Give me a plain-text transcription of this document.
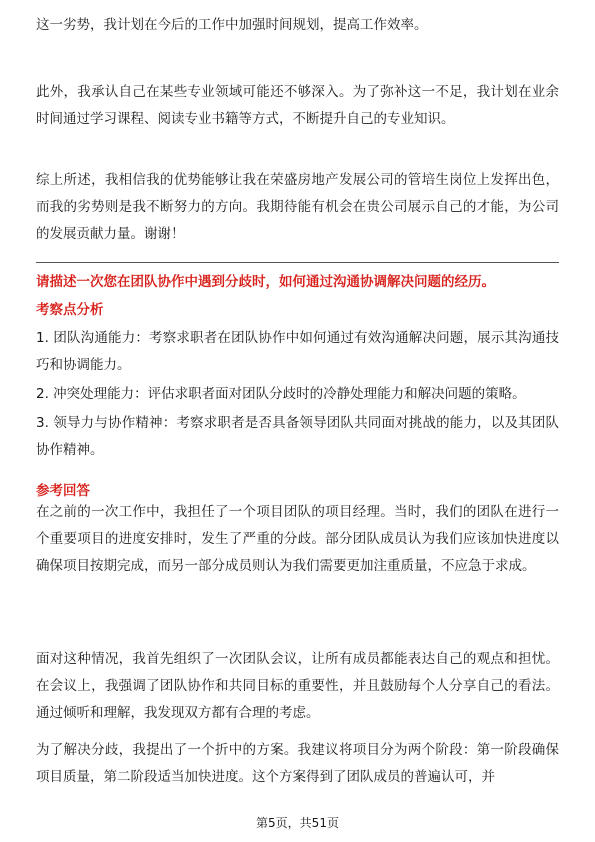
这一劣势，我计划在今后的工作中加强时间规划，提高工作效率。

此外，我承认自己在某些专业领域可能还不够深入。为了弥补这一不足，我计划在业余时间通过学习课程、阅读专业书籍等方式，不断提升自己的专业知识。

综上所述，我相信我的优势能够让我在荣盛房地产发展公司的管培生岗位上发挥出色，而我的劣势则是我不断努力的方向。我期待能有机会在贵公司展示自己的才能，为公司的发展贡献力量。谢谢！

请描述一次您在团队协作中遇到分歧时，如何通过沟通协调解决问题的经历。

考察点分析

1. 团队沟通能力：考察求职者在团队协作中如何通过有效沟通解决问题，展示其沟通技巧和协调能力。

2. 冲突处理能力：评估求职者面对团队分歧时的冷静处理能力和解决问题的策略。

3. 领导力与协作精神：考察求职者是否具备领导团队共同面对挑战的能力，以及其团队协作精神。

参考回答

在之前的一次工作中，我担任了一个项目团队的项目经理。当时，我们的团队在进行一个重要项目的进度安排时，发生了严重的分歧。部分团队成员认为我们应该加快进度以确保项目按期完成，而另一部分成员则认为我们需要更加注重质量，不应急于求成。

面对这种情况，我首先组织了一次团队会议，让所有成员都能表达自己的观点和担忧。在会议上，我强调了团队协作和共同目标的重要性，并且鼓励每个人分享自己的看法。通过倾听和理解，我发现双方都有合理的考虑。

为了解决分歧，我提出了一个折中的方案。我建议将项目分为两个阶段：第一阶段确保项目质量，第二阶段适当加快进度。这个方案得到了团队成员的普遍认可，并

第5页，共51页
